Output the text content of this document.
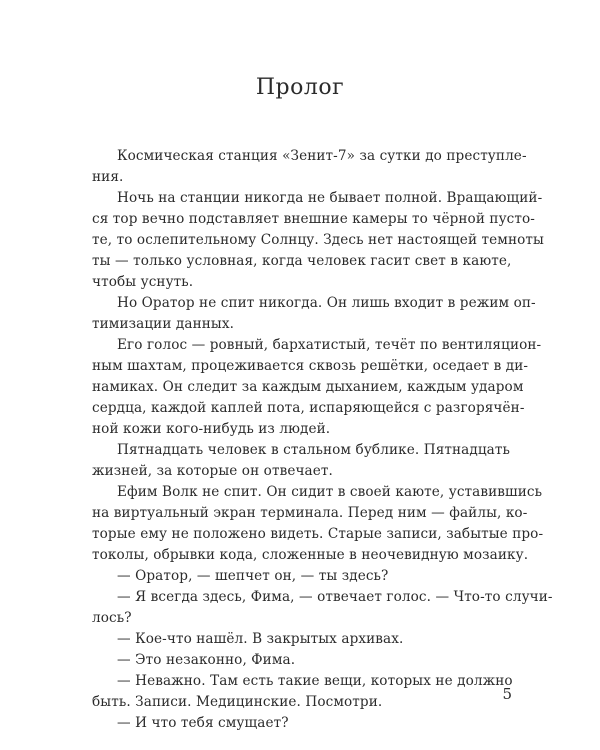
Пролог
Космическая станция «Зенит-7» за сутки до преступле-
ния.
Ночь на станции никогда не бывает полной. Вращающий-
ся тор вечно подставляет внешние камеры то чёрной пусто-
те, то ослепительному Солнцу. Здесь нет настоящей темноты
ты — только условная, когда человек гасит свет в каюте,
чтобы уснуть.
Но Оратор не спит никогда. Он лишь входит в режим оп-
тимизации данных.
Его голос — ровный, бархатистый, течёт по вентиляцион-
ным шахтам, процеживается сквозь решётки, оседает в ди-
намиках. Он следит за каждым дыханием, каждым ударом
сердца, каждой каплей пота, испаряющейся с разгорячён-
ной кожи кого-нибудь из людей.
Пятнадцать человек в стальном бублике. Пятнадцать
жизней, за которые он отвечает.
Ефим Волк не спит. Он сидит в своей каюте, уставившись
на виртуальный экран терминала. Перед ним — файлы, ко-
торые ему не положено видеть. Старые записи, забытые про-
токолы, обрывки кода, сложенные в неочевидную мозаику.
— Оратор, — шепчет он, — ты здесь?
— Я всегда здесь, Фима, — отвечает голос. — Что-то случи-
лось?
— Кое-что нашёл. В закрытых архивах.
— Это незаконно, Фима.
— Неважно. Там есть такие вещи, которых не должно
быть. Записи. Медицинские. Посмотри.
— И что тебя смущает?
5
